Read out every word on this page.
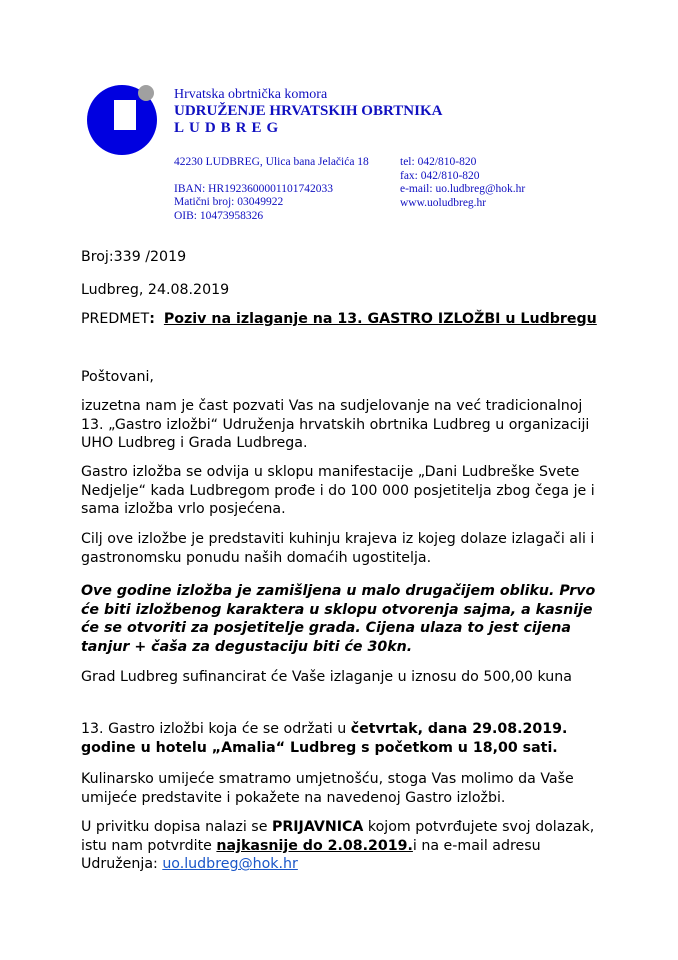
Hrvatska obrtnička komora
UDRUŽENJE HRVATSKIH OBRTNIKA
LUDBREG
42230 LUDBREG, Ulica bana Jelačića 18
IBAN: HR1923600001101742033
Matični broj: 03049922
OIB: 10473958326
tel: 042/810-820
fax: 042/810-820
e-mail: uo.ludbreg@hok.hr
www.uoludbreg.hr

Broj:339 /2019

Ludbreg, 24.08.2019

PREDMET: Poziv na izlaganje na 13. GASTRO IZLOŽBI u Ludbregu

Poštovani,

izuzetna nam je čast pozvati Vas na sudjelovanje na već tradicionalnoj 13. „Gastro izložbi“ Udruženja hrvatskih obrtnika Ludbreg u organizaciji UHO Ludbreg i Grada Ludbrega.

Gastro izložba se odvija u sklopu manifestacije „Dani Ludbreške Svete Nedjelje“ kada Ludbregom prođe i do 100 000 posjetitelja zbog čega je i sama izložba vrlo posjećena.

Cilj ove izložbe je predstaviti kuhinju krajeva iz kojeg dolaze izlagači ali i gastronomsku ponudu naših domaćih ugostitelja.

Ove godine izložba je zamišljena u malo drugačijem obliku. Prvo će biti izložbenog karaktera u sklopu otvorenja sajma, a kasnije će se otvoriti za posjetitelje grada. Cijena ulaza to jest cijena tanjur + čaša za degustaciju biti će 30kn.

Grad Ludbreg sufinancirat će Vaše izlaganje u iznosu do 500,00 kuna

13. Gastro izložbi koja će se održati u četvrtak, dana 29.08.2019. godine u hotelu „Amalia“ Ludbreg s početkom u 18,00 sati.

Kulinarsko umijeće smatramo umjetnošću, stoga Vas molimo da Vaše umijeće predstavite i pokažete na navedenoj Gastro izložbi.

U privitku dopisa nalazi se PRIJAVNICA kojom potvrđujete svoj dolazak, istu nam potvrdite najkasnije do 2.08.2019.i na e-mail adresu Udruženja: uo.ludbreg@hok.hr
